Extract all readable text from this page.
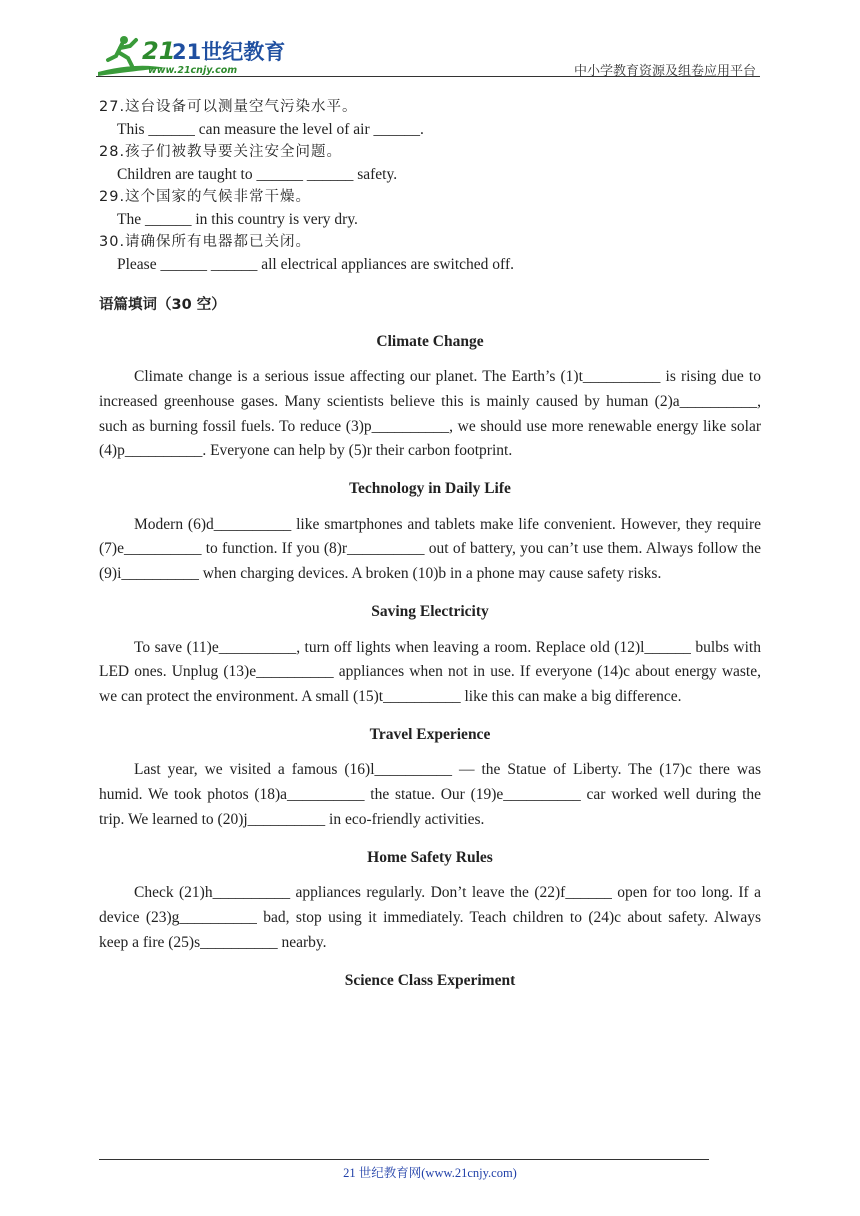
21
21世纪教育
www.21cnjy.com	中小学教育资源及组卷应用平台
27.这台设备可以测量空气污染水平。
This ______ can measure the level of air ______.
28.孩子们被教导要关注安全问题。
Children are taught to ______ ______ safety.
29.这个国家的气候非常干燥。
The ______ in this country is very dry.
30.请确保所有电器都已关闭。
Please ______ ______ all electrical appliances are switched off.
语篇填词（30 空）
Climate Change
Climate change is a serious issue affecting our planet. The Earth’s (1)t__________ is rising due to increased greenhouse gases. Many scientists believe this is mainly caused by human (2)a__________, such as burning fossil fuels. To reduce (3)p__________, we should use more renewable energy like solar (4)p__________. Everyone can help by (5)r their carbon footprint.
Technology in Daily Life
Modern (6)d__________ like smartphones and tablets make life convenient. However, they require (7)e__________ to function. If you (8)r__________ out of battery, you can’t use them. Always follow the (9)i__________ when charging devices. A broken (10)b in a phone may cause safety risks.
Saving Electricity
To save (11)e__________, turn off lights when leaving a room. Replace old (12)l______ bulbs with LED ones. Unplug (13)e__________ appliances when not in use. If everyone (14)c about energy waste, we can protect the environment. A small (15)t__________ like this can make a big difference.
Travel Experience
Last year, we visited a famous (16)l__________ — the Statue of Liberty. The (17)c there was humid. We took photos (18)a__________ the statue. Our (19)e__________ car worked well during the trip. We learned to (20)j__________ in eco-friendly activities.
Home Safety Rules
Check (21)h__________ appliances regularly. Don’t leave the (22)f______ open for too long. If a device (23)g__________ bad, stop using it immediately. Teach children to (24)c about safety. Always keep a fire (25)s__________ nearby.
Science Class Experiment
21 世纪教育网(www.21cnjy.com)
